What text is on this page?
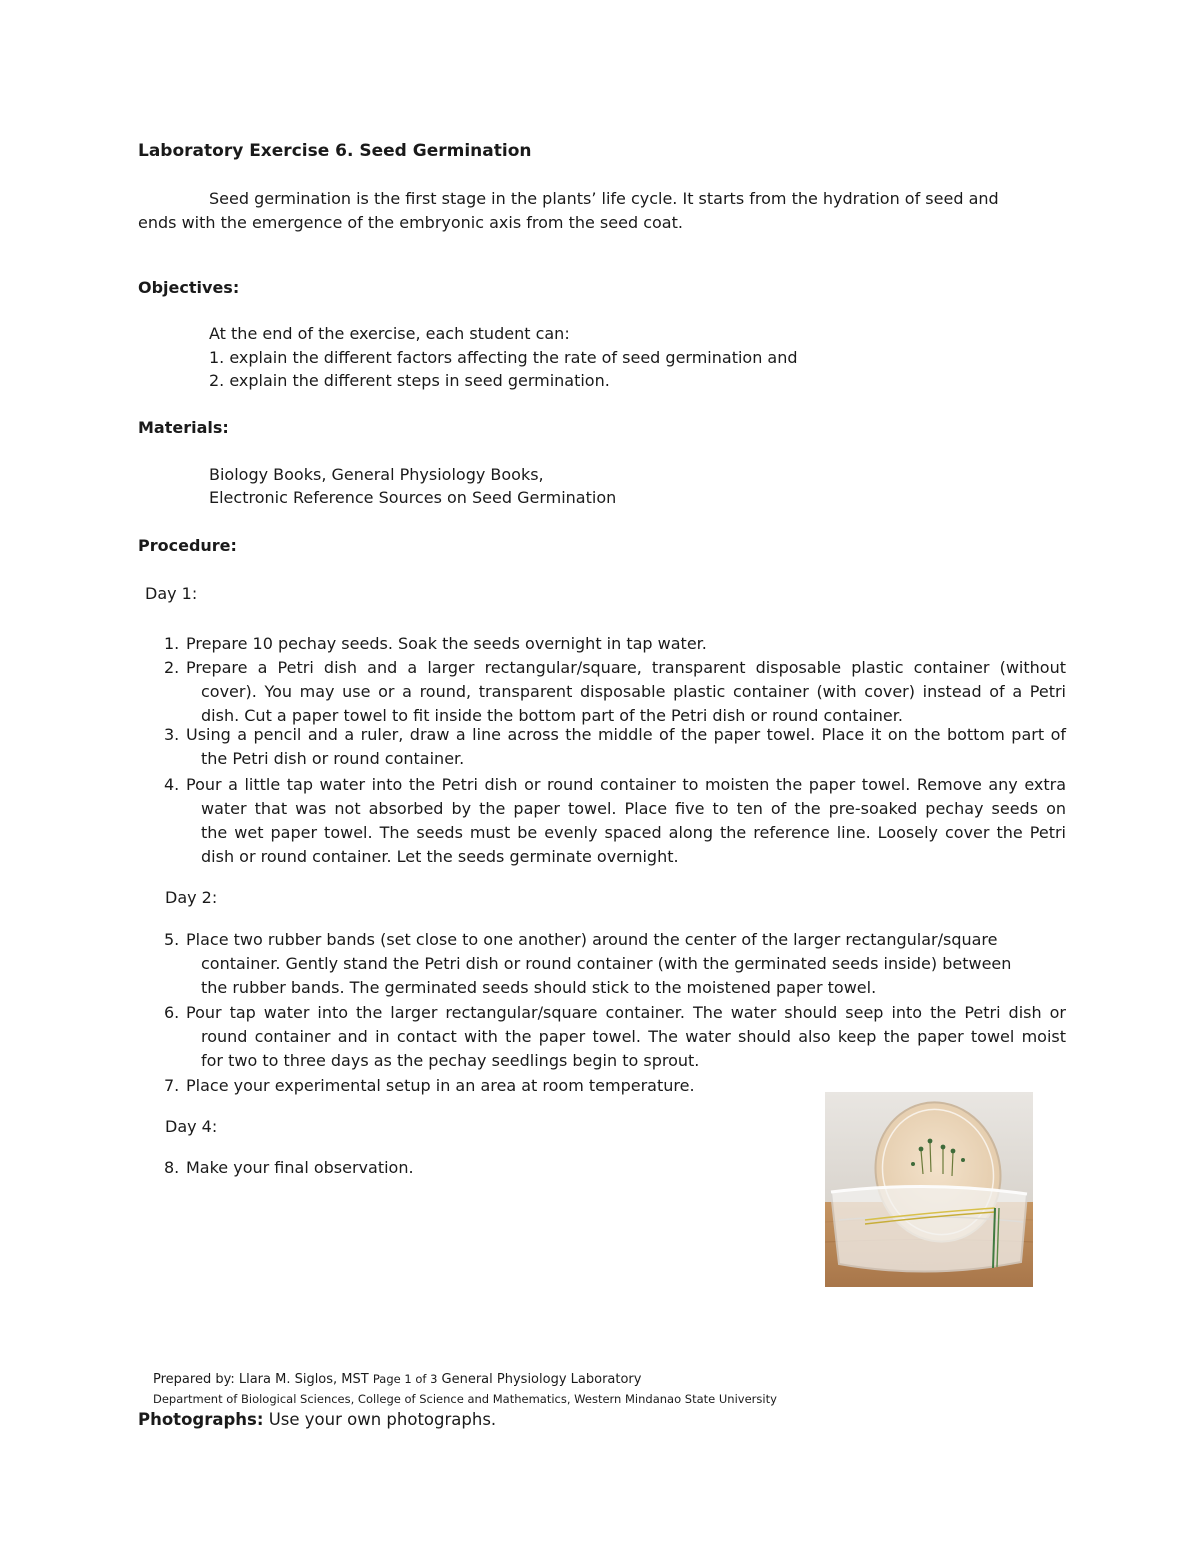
Laboratory Exercise 6. Seed Germination
Seed germination is the first stage in the plants’ life cycle. It starts from the hydration of seed and
ends with the emergence of the embryonic axis from the seed coat.
Objectives:
At the end of the exercise, each student can:
1. explain the different factors affecting the rate of seed germination and
2. explain the different steps in seed germination.
Materials:
Biology Books, General Physiology Books,
Electronic Reference Sources on Seed Germination
Procedure:
Day 1:
1. Prepare 10 pechay seeds. Soak the seeds overnight in tap water.
2. Prepare a Petri dish and a larger rectangular/square, transparent disposable plastic container (without
cover). You may use or a round, transparent disposable plastic container (with cover) instead of a Petri
dish. Cut a paper towel to fit inside the bottom part of the Petri dish or round container.
3. Using a pencil and a ruler, draw a line across the middle of the paper towel. Place it on the bottom part of
the Petri dish or round container.
4. Pour a little tap water into the Petri dish or round container to moisten the paper towel. Remove any extra
water that was not absorbed by the paper towel. Place five to ten of the pre-soaked pechay seeds on
the wet paper towel. The seeds must be evenly spaced along the reference line. Loosely cover the Petri
dish or round container. Let the seeds germinate overnight.
Day 2:
5. Place two rubber bands (set close to one another) around the center of the larger rectangular/square
container. Gently stand the Petri dish or round container (with the germinated seeds inside) between
the rubber bands. The germinated seeds should stick to the moistened paper towel.
6. Pour tap water into the larger rectangular/square container. The water should seep into the Petri dish or
round container and in contact with the paper towel. The water should also keep the paper towel moist
for two to three days as the pechay seedlings begin to sprout.
7. Place your experimental setup in an area at room temperature.
Day 4:
8. Make your final observation.
Prepared by: Llara M. Siglos, MST Page 1 of 3 General Physiology Laboratory
Department of Biological Sciences, College of Science and Mathematics, Western Mindanao State University
Photographs: Use your own photographs.
